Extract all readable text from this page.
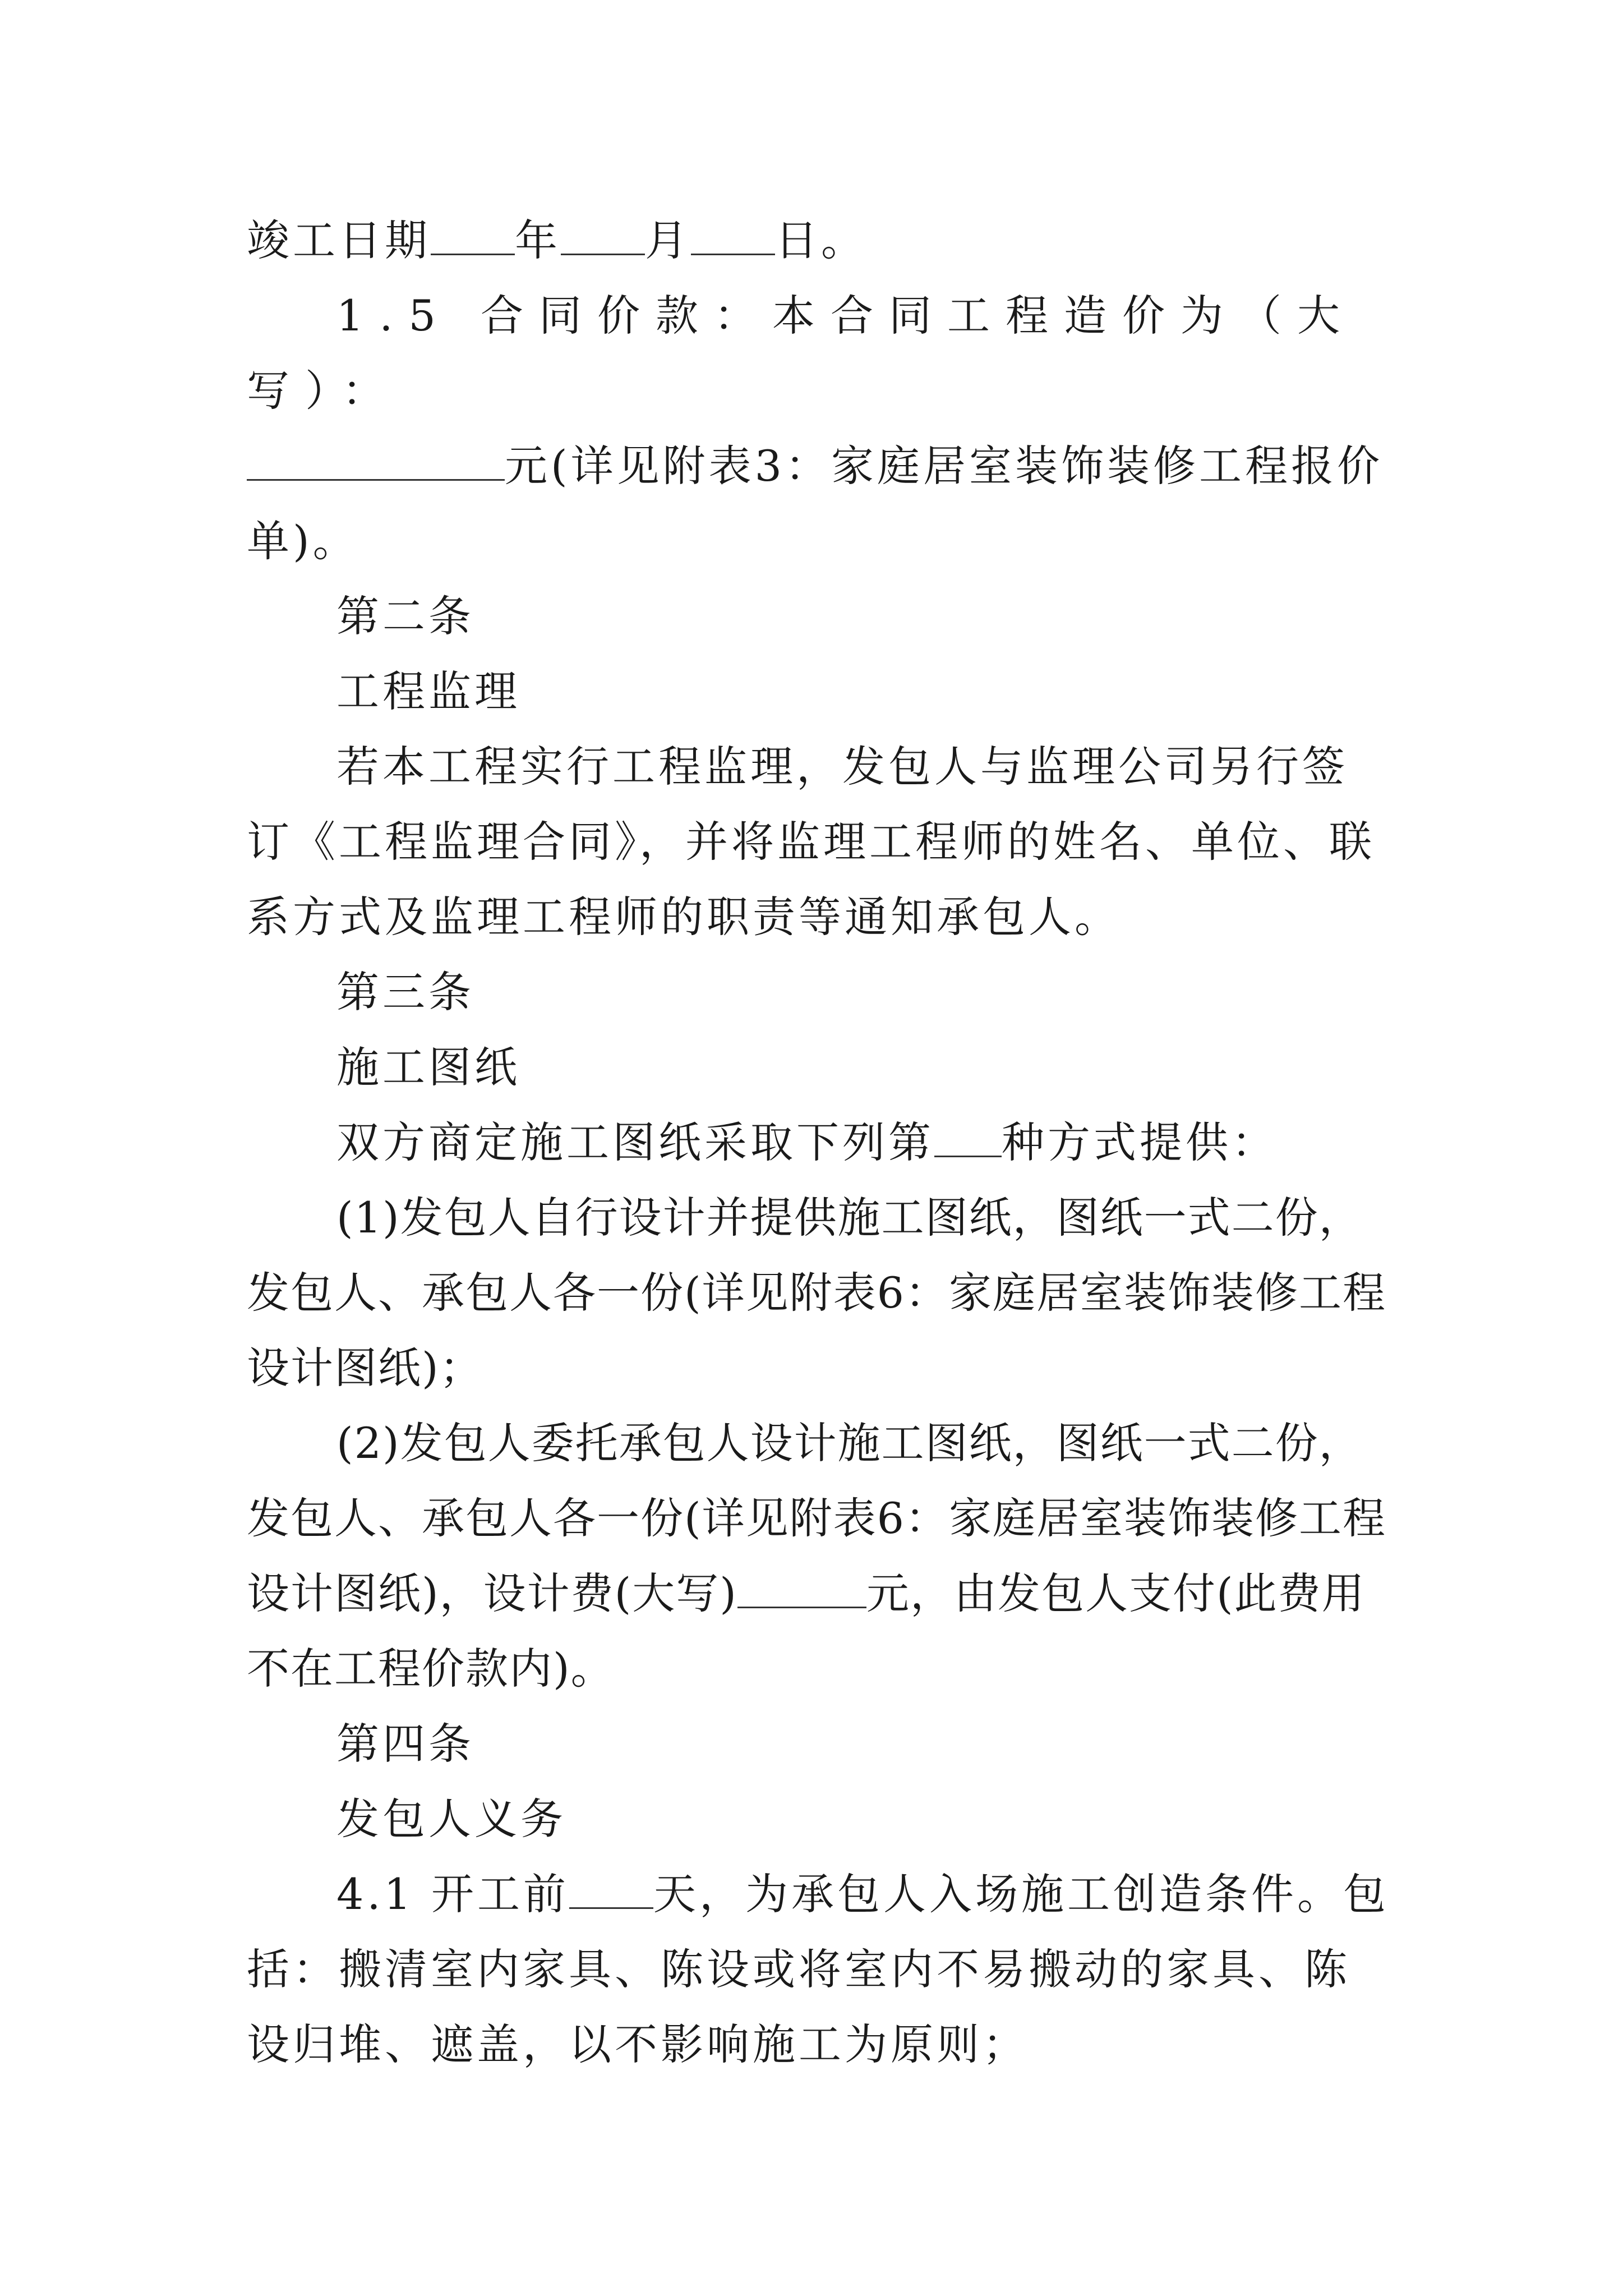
竣工日期 年 月 日。

1.5 合同价款：本合同工程造价为（大写）：

元(详见附表3：家庭居室装饰装修工程报价单)。

第二条

工程监理

若本工程实行工程监理，发包人与监理公司另行签订《工程监理合同》，并将监理工程师的姓名、单位、联系方式及监理工程师的职责等通知承包人。

第三条

施工图纸

双方商定施工图纸采取下列第 种方式提供：

(1)发包人自行设计并提供施工图纸，图纸一式二份，发包人、承包人各一份(详见附表6：家庭居室装饰装修工程设计图纸)；

(2)发包人委托承包人设计施工图纸，图纸一式二份，发包人、承包人各一份(详见附表6：家庭居室装饰装修工程设计图纸)，设计费(大写)	元，由发包人支付(此费用不在工程价款内)。

第四条

发包人义务

4.1 开工前 天，为承包人入场施工创造条件。包括：搬清室内家具、陈设或将室内不易搬动的家具、陈设归堆、遮盖，以不影响施工为原则；
